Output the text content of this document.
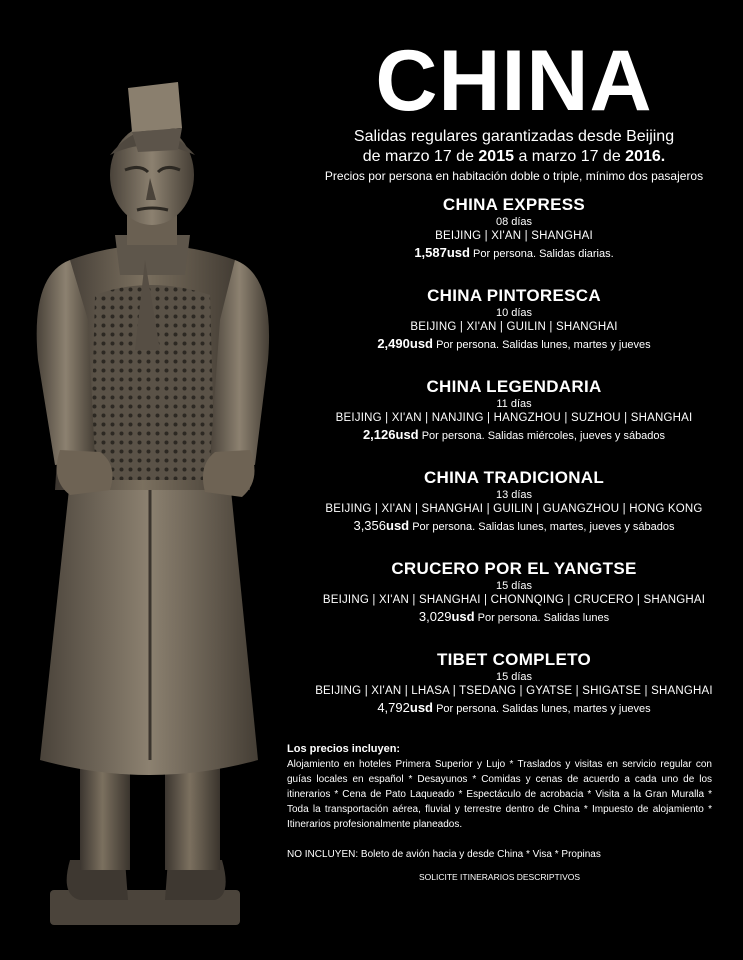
CHINA
Salidas regulares garantizadas desde Beijing
de marzo 17 de 2015 a marzo 17 de 2016.
Precios por persona en habitación doble o triple, mínimo dos pasajeros
CHINA EXPRESS
08 días
BEIJING | XI'AN | SHANGHAI
1,587usd Por persona. Salidas diarias.
CHINA PINTORESCA
10 días
BEIJING | XI'AN | GUILIN | SHANGHAI
2,490usd Por persona. Salidas lunes, martes y jueves
CHINA LEGENDARIA
11 días
BEIJING | XI'AN | NANJING | HANGZHOU | SUZHOU | SHANGHAI
2,126usd Por persona. Salidas miércoles, jueves y sábados
CHINA TRADICIONAL
13 días
BEIJING | XI'AN | SHANGHAI | GUILIN | GUANGZHOU | HONG KONG
3,356usd Por persona. Salidas lunes, martes, jueves y sábados
CRUCERO POR EL YANGTSE
15 días
BEIJING | XI'AN | SHANGHAI | CHONNQING | CRUCERO | SHANGHAI
3,029usd Por persona. Salidas lunes
TIBET COMPLETO
15 días
BEIJING | XI'AN | LHASA | TSEDANG | GYATSE | SHIGATSE | SHANGHAI
4,792usd Por persona. Salidas lunes, martes y jueves
Los precios incluyen:
Alojamiento en hoteles Primera Superior y Lujo * Traslados y visitas en servicio regular con guías locales en español * Desayunos * Comidas y cenas de acuerdo a cada uno de los itinerarios * Cena de Pato Laqueado * Espectáculo de acrobacia * Visita a la Gran Muralla * Toda la transportación aérea, fluvial y terrestre dentro de China * Impuesto de alojamiento * Itinerarios profesionalmente planeados.
NO INCLUYEN: Boleto de avión hacia y desde China * Visa * Propinas
SOLICITE ITINERARIOS DESCRIPTIVOS
